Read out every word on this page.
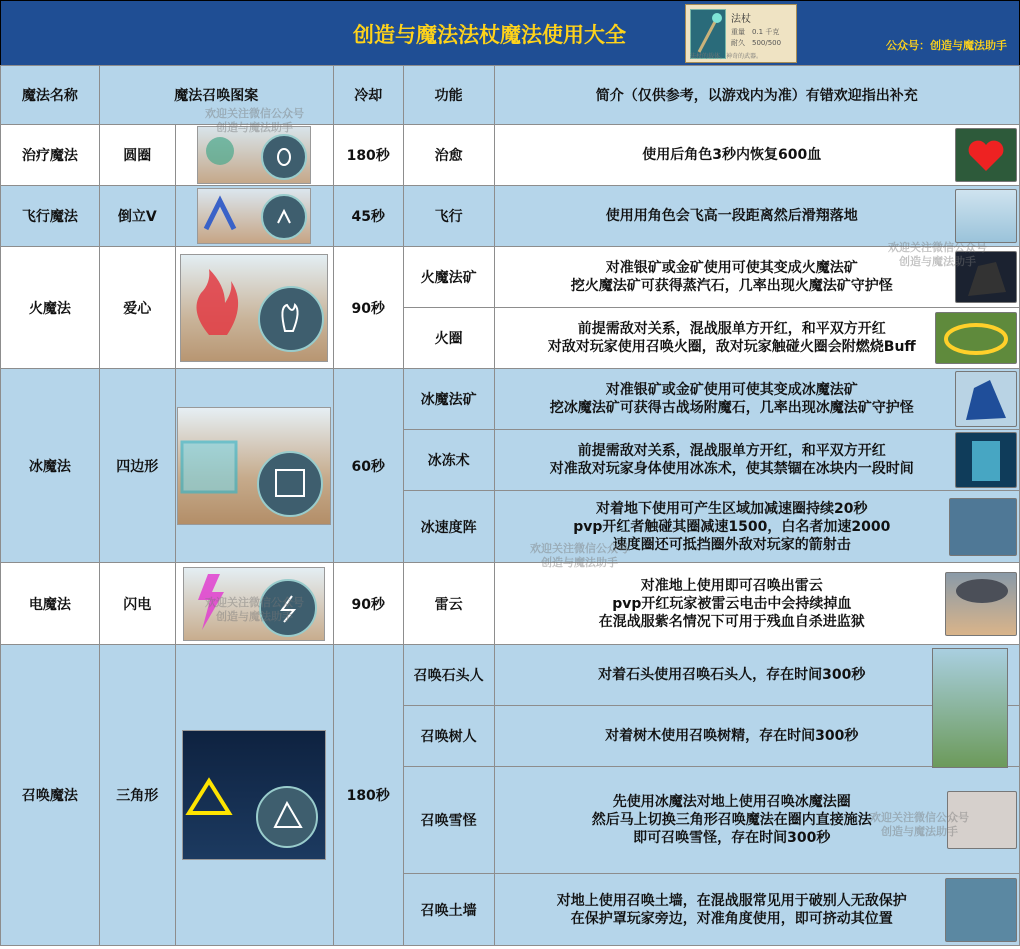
创造与魔法法杖魔法使用大全
法杖
重量　0.1 千克
耐久　500/500
法杖的载体，神奇的武器。
公众号：创造与魔法助手
魔法名称	魔法召唤图案		冷却	功能	简介（仅供参考，以游戏内为准）有错欢迎指出补充
治疗魔法	圆圈		180秒	治愈	使用后角色3秒内恢复600血

飞行魔法	倒立V		45秒	飞行	使用用角色会飞高一段距离然后滑翔落地

火魔法	爱心		90秒	火魔法矿	对准银矿或金矿使用可使其变成火魔法矿
挖火魔法矿可获得蒸汽石，几率出现火魔法矿守护怪

				火圈	前提需敌对关系，混战服单方开红，和平双方开红
对敌对玩家使用召唤火圈，敌对玩家触碰火圈会附燃烧Buff

冰魔法	四边形		60秒	冰魔法矿	对准银矿或金矿使用可使其变成冰魔法矿
挖冰魔法矿可获得古战场附魔石，几率出现冰魔法矿守护怪

				冰冻术	前提需敌对关系，混战服单方开红，和平双方开红
对准敌对玩家身体使用冰冻术，使其禁锢在冰块内一段时间

				冰速度阵	对着地下使用可产生区域加减速圈持续20秒
pvp开红者触碰其圈减速1500，白名者加速2000
速度圈还可抵挡圈外敌对玩家的箭射击

电魔法	闪电		90秒	雷云	对准地上使用即可召唤出雷云
pvp开红玩家被雷云电击中会持续掉血
在混战服紫名情况下可用于残血自杀进监狱

召唤魔法	三角形		180秒	召唤石头人	对着石头使用召唤石头人，存在时间300秒

				召唤树人	对着树木使用召唤树精，存在时间300秒

				召唤雪怪	先使用冰魔法对地上使用召唤冰魔法圈
然后马上切换三角形召唤魔法在圈内直接施法
即可召唤雪怪，存在时间300秒

				召唤土墙	对地上使用召唤土墙，在混战服常见用于破别人无敌保护
在保护罩玩家旁边，对准角度使用，即可挤动其位置
欢迎关注微信公众号
创造与魔法助手
欢迎关注微信公众号
创造与魔法助手
欢迎关注微信公众号
创造与魔法助手
欢迎关注微信公众号
创造与魔法助手
欢迎关注微信公众号
创造与魔法助手
